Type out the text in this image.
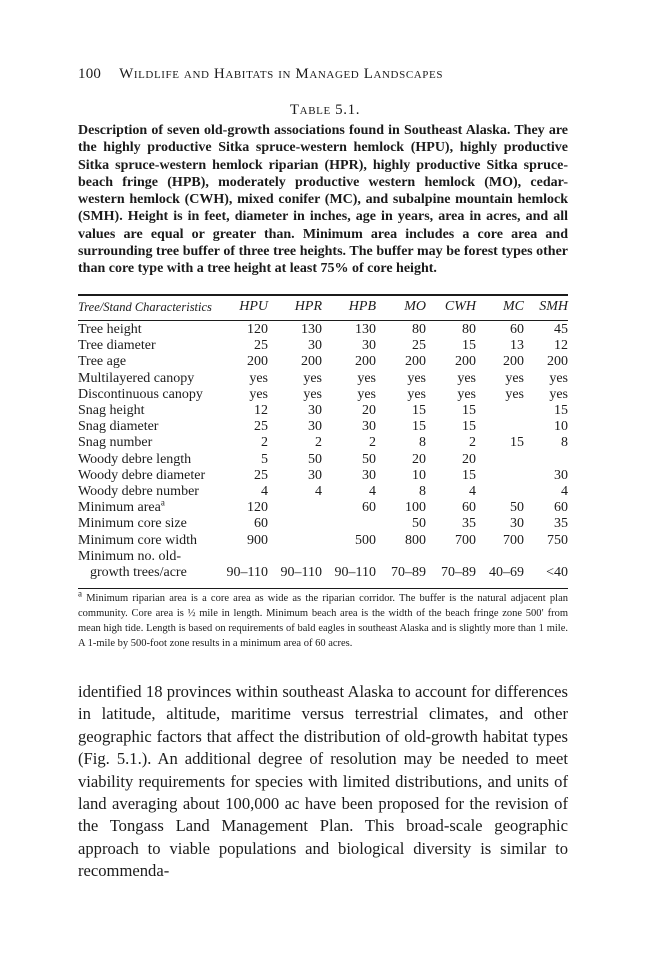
100 Wildlife and Habitats in Managed Landscapes
Table 5.1.
Description of seven old-growth associations found in Southeast Alaska. They are the highly productive Sitka spruce-western hemlock (HPU), highly productive Sitka spruce-western hemlock riparian (HPR), highly productive Sitka spruce-beach fringe (HPB), moderately productive western hemlock (MO), cedar-western hemlock (CWH), mixed conifer (MC), and subalpine mountain hemlock (SMH). Height is in feet, diameter in inches, age in years, area in acres, and all values are equal or greater than. Minimum area includes a core area and surrounding tree buffer of three tree heights. The buffer may be forest types other than core type with a tree height at least 75% of core height.
Tree/Stand Characteristics	HPU	HPR	HPB	MO	CWH	MC	SMH
Tree height	120	130	130	80	80	60	45
Tree diameter	25	30	30	25	15	13	12
Tree age	200	200	200	200	200	200	200
Multilayered canopy	yes	yes	yes	yes	yes	yes	yes
Discontinuous canopy	yes	yes	yes	yes	yes	yes	yes
Snag height	12	30	20	15	15		15
Snag diameter	25	30	30	15	15		10
Snag number	2	2	2	8	2	15	8
Woody debre length	5	50	50	20	20		
Woody debre diameter	25	30	30	10	15		30
Woody debre number	4	4	4	8	4		4
Minimum area$^a$	120		60	100	60	50	60
Minimum core size	60			50	35	30	35
Minimum core width	900		500	800	700	700	750
Minimum no. old-							
growth trees/acre	90–110	90–110	90–110	70–89	70–89	40–69	<40
$^a$ Minimum riparian area is a core area as wide as the riparian corridor. The buffer is the natural adjacent plan community. Core area is ½ mile in length. Minimum beach area is the width of the beach fringe zone 500′ from mean high tide. Length is based on requirements of bald eagles in southeast Alaska and is slightly more than 1 mile. A 1-mile by 500-foot zone results in a minimum area of 60 acres.
identified 18 provinces within southeast Alaska to account for differences in latitude, altitude, maritime versus terrestrial climates, and other geographic factors that affect the distribution of old-growth habitat types (Fig. 5.1.). An additional degree of resolution may be needed to meet viability requirements for species with limited distributions, and units of land averaging about 100,000 ac have been proposed for the revision of the Tongass Land Management Plan. This broad-scale geographic approach to viable populations and biological diversity is similar to recommenda-
